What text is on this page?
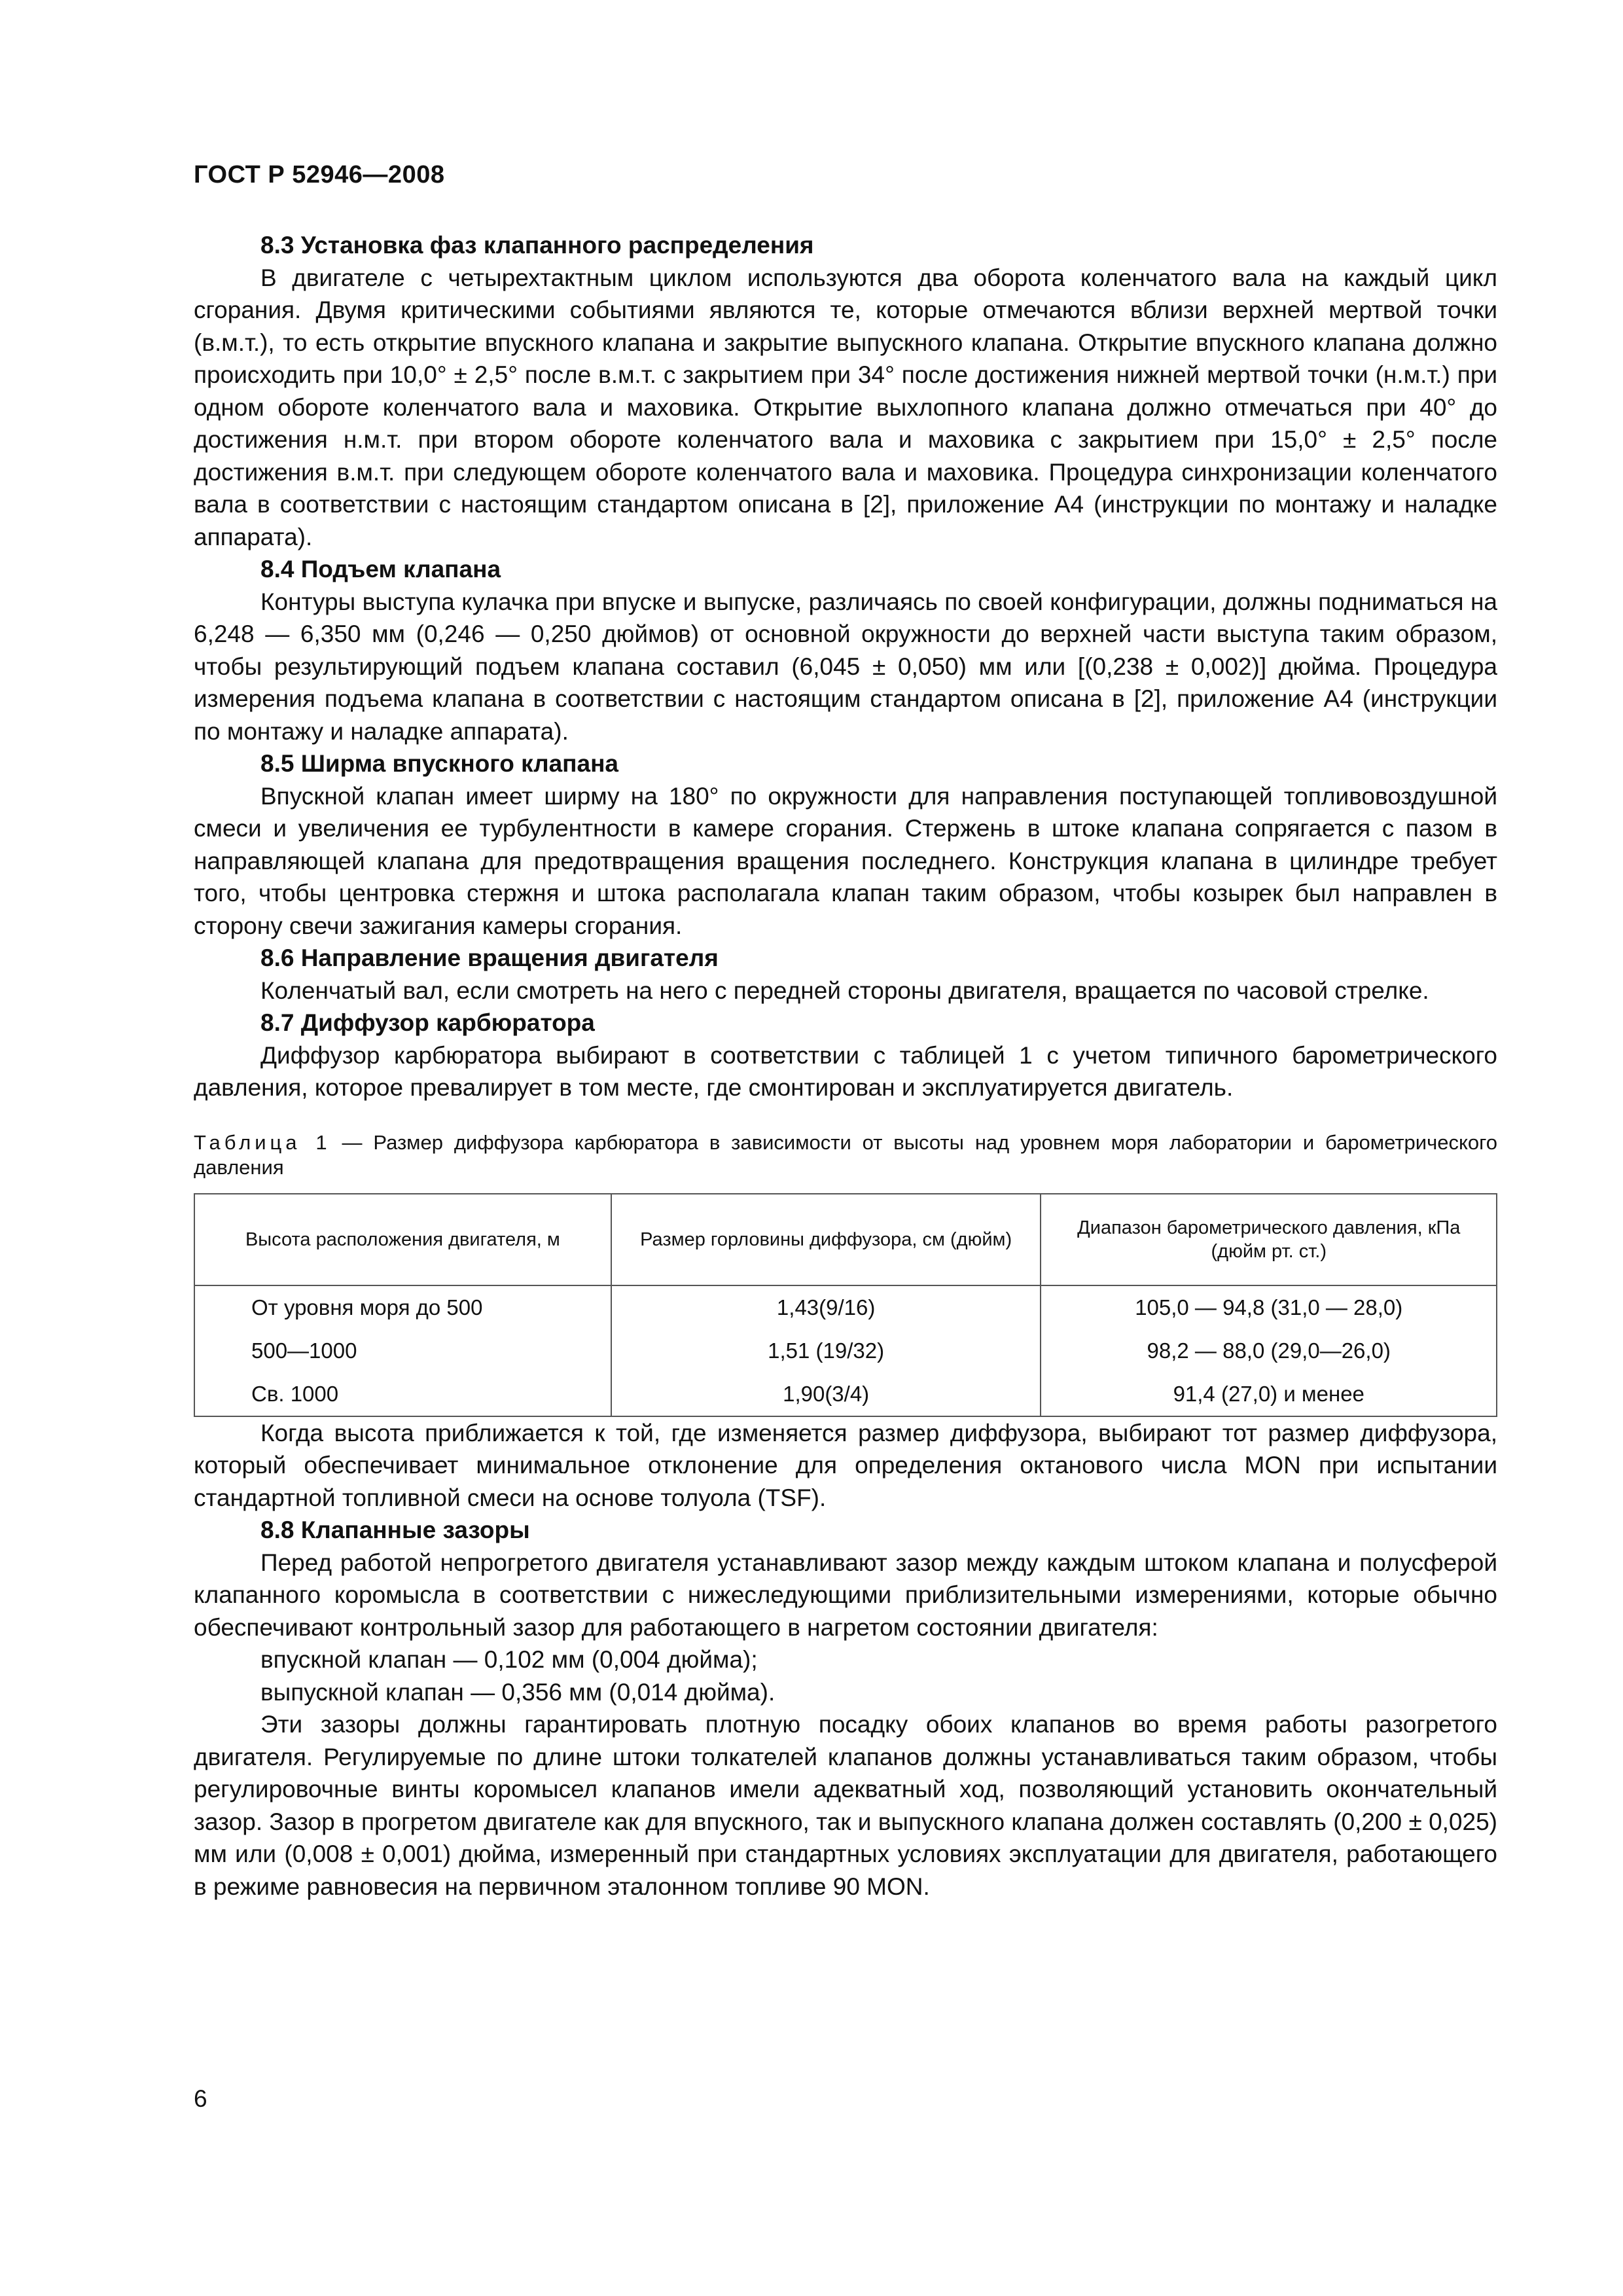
ГОСТ Р 52946—2008
8.3 Установка фаз клапанного распределения

В двигателе с четырехтактным циклом используются два оборота коленчатого вала на каждый цикл сгорания. Двумя критическими событиями являются те, которые отмечаются вблизи верхней мертвой точки (в.м.т.), то есть открытие впускного клапана и закрытие выпускного клапана. Открытие впускного клапана должно происходить при 10,0° ± 2,5° после в.м.т. с закрытием при 34° после достижения нижней мертвой точки (н.м.т.) при одном обороте коленчатого вала и маховика. Открытие выхлопного клапана должно отмечаться при 40° до достижения н.м.т. при втором обороте коленчатого вала и маховика с закрытием при 15,0° ± 2,5° после достижения в.м.т. при следующем обороте коленчатого вала и маховика. Процедура синхронизации коленчатого вала в соответствии с настоящим стандартом описана в [2], приложение А4 (инструкции по монтажу и наладке аппарата).

8.4 Подъем клапана

Контуры выступа кулачка при впуске и выпуске, различаясь по своей конфигурации, должны подниматься на 6,248 — 6,350 мм (0,246 — 0,250 дюймов) от основной окружности до верхней части выступа таким образом, чтобы результирующий подъем клапана составил (6,045 ± 0,050) мм или [(0,238 ± 0,002)] дюйма. Процедура измерения подъема клапана в соответствии с настоящим стандартом описана в [2], приложение А4 (инструкции по монтажу и наладке аппарата).

8.5 Ширма впускного клапана

Впускной клапан имеет ширму на 180° по окружности для направления поступающей топливовоздушной смеси и увеличения ее турбулентности в камере сгорания. Стержень в штоке клапана сопрягается с пазом в направляющей клапана для предотвращения вращения последнего. Конструкция клапана в цилиндре требует того, чтобы центровка стержня и штока располагала клапан таким образом, чтобы козырек был направлен в сторону свечи зажигания камеры сгорания.

8.6 Направление вращения двигателя

Коленчатый вал, если смотреть на него с передней стороны двигателя, вращается по часовой стрелке.

8.7 Диффузор карбюратора

Диффузор карбюратора выбирают в соответствии с таблицей 1 с учетом типичного барометрического давления, которое превалирует в том месте, где смонтирован и эксплуатируется двигатель.

Таблица 1 — Размер диффузора карбюратора в зависимости от высоты над уровнем моря лаборатории и барометрического давления
Высота расположения двигателя, м	Размер горловины диффузора, см (дюйм)	Диапазон барометрического давления, кПа (дюйм рт. ст.)
От уровня моря до 500	1,43(9/16)	105,0 — 94,8 (31,0 — 28,0)
500—1000	1,51 (19/32)	98,2 — 88,0 (29,0—26,0)
Св. 1000	1,90(3/4)	91,4 (27,0) и менее

Когда высота приближается к той, где изменяется размер диффузора, выбирают тот размер диффузора, который обеспечивает минимальное отклонение для определения октанового числа MON при испытании стандартной топливной смеси на основе толуола (TSF).

8.8 Клапанные зазоры

Перед работой непрогретого двигателя устанавливают зазор между каждым штоком клапана и полусферой клапанного коромысла в соответствии с нижеследующими приблизительными измерениями, которые обычно обеспечивают контрольный зазор для работающего в нагретом состоянии двигателя:

впускной клапан — 0,102 мм (0,004 дюйма);
выпускной клапан — 0,356 мм (0,014 дюйма).

Эти зазоры должны гарантировать плотную посадку обоих клапанов во время работы разогретого двигателя. Регулируемые по длине штоки толкателей клапанов должны устанавливаться таким образом, чтобы регулировочные винты коромысел клапанов имели адекватный ход, позволяющий установить окончательный зазор. Зазор в прогретом двигателе как для впускного, так и выпускного клапана должен составлять (0,200 ± 0,025) мм или (0,008 ± 0,001) дюйма, измеренный при стандартных условиях эксплуатации для двигателя, работающего в режиме равновесия на первичном эталонном топливе 90 MON.

6
